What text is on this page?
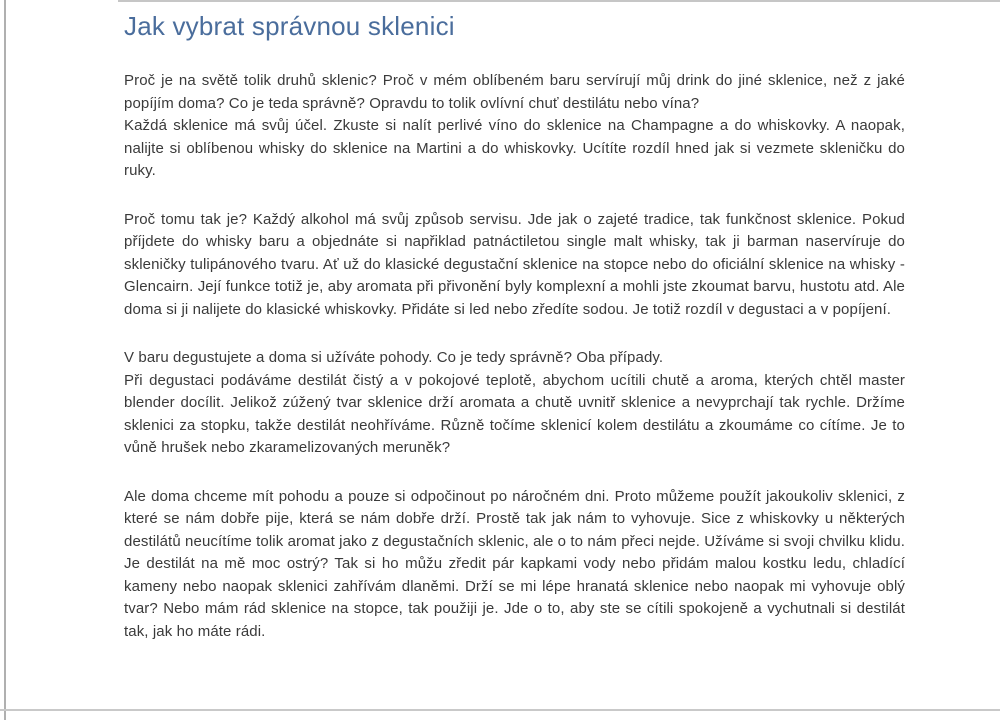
Jak vybrat správnou sklenici
Proč je na světě tolik druhů sklenic? Proč v mém oblíbeném baru servírují můj drink do jiné sklenice, než z jaké popíjím doma? Co je teda správně? Opravdu to tolik ovlívní chuť destilátu nebo vína?
Každá sklenice má svůj účel. Zkuste si nalít perlivé víno do sklenice na Champagne a do whiskovky. A naopak, nalijte si oblíbenou whisky do sklenice na Martini a do whiskovky. Ucítíte rozdíl hned jak si vezmete skleničku do ruky.
Proč tomu tak je? Každý alkohol má svůj způsob servisu. Jde jak o zajeté tradice, tak funkčnost sklenice. Pokud příjdete do whisky baru a objednáte si napřiklad patnáctiletou single malt whisky, tak ji barman naservíruje do skleničky tulipánového tvaru. Ať už do klasické degustační sklenice na stopce nebo do oficiální sklenice na whisky - Glencairn. Její funkce totiž je, aby aromata při přivonění byly komplexní a mohli jste zkoumat barvu, hustotu atd. Ale doma si ji nalijete do klasické whiskovky. Přidáte si led nebo zředíte sodou. Je totiž rozdíl v degustaci a v popíjení.
V baru degustujete a doma si užíváte pohody. Co je tedy správně? Oba případy.
Při degustaci podáváme destilát čistý a v pokojové teplotě, abychom ucítili chutě a aroma, kterých chtěl master blender docílit. Jelikož zúžený tvar sklenice drží aromata a chutě uvnitř sklenice a nevyprchají tak rychle. Držíme sklenici za stopku, takže destilát neohříváme. Různě točíme sklenicí kolem destilátu a zkoumáme co cítíme. Je to vůně hrušek nebo zkaramelizovaných meruněk?
Ale doma chceme mít pohodu a pouze si odpočinout po náročném dni. Proto můžeme použít jakoukoliv sklenici, z které se nám dobře pije, která se nám dobře drží. Prostě tak jak nám to vyhovuje. Sice z whiskovky u některých destilátů neucítíme tolik aromat jako z degustačních sklenic, ale o to nám přeci nejde. Užíváme si svoji chvilku klidu. Je destilát na mě moc ostrý? Tak si ho můžu zředit pár kapkami vody nebo přidám malou kostku ledu, chladící kameny nebo naopak sklenici zahřívám dlaněmi. Drží se mi lépe hranatá sklenice nebo naopak mi vyhovuje oblý tvar? Nebo mám rád sklenice na stopce, tak použiji je. Jde o to, aby ste se cítili spokojeně a vychutnali si destilát tak, jak ho máte rádi.
